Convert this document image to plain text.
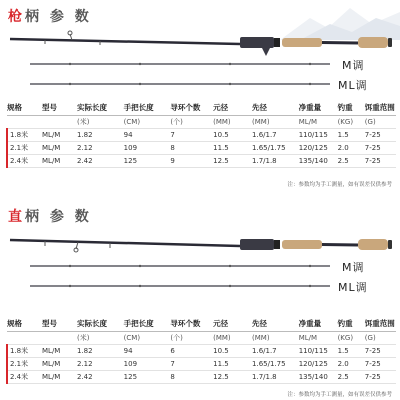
枪柄 参 数
M调
ML调
规格	型号	实际长度	手把长度	导环个数	元径	先径	净重量	钓重	饵重范围
		(米)	(CM)	(个)	(MM)	(MM)	ML/M	(KG)	(G)
1.8米	ML/M	1.82	94	7	10.5	1.6/1.7	110/115	1.5	7-25
2.1米	ML/M	2.12	109	8	11.5	1.65/1.75	120/125	2.0	7-25
2.4米	ML/M	2.42	125	9	12.5	1.7/1.8	135/140	2.5	7-25
注：参数均为手工测量，如有误差仅供参考
直柄 参 数
M调
ML调
规格	型号	实际长度	手把长度	导环个数	元径	先径	净重量	钓重	饵重范围
		(米)	(CM)	(个)	(MM)	(MM)	ML/M	(KG)	(G)
1.8米	ML/M	1.82	94	6	10.5	1.6/1.7	110/115	1.5	7-25
2.1米	ML/M	2.12	109	7	11.5	1.65/1.75	120/125	2.0	7-25
2.4米	ML/M	2.42	125	8	12.5	1.7/1.8	135/140	2.5	7-25
注：参数均为手工测量，如有误差仅供参考
